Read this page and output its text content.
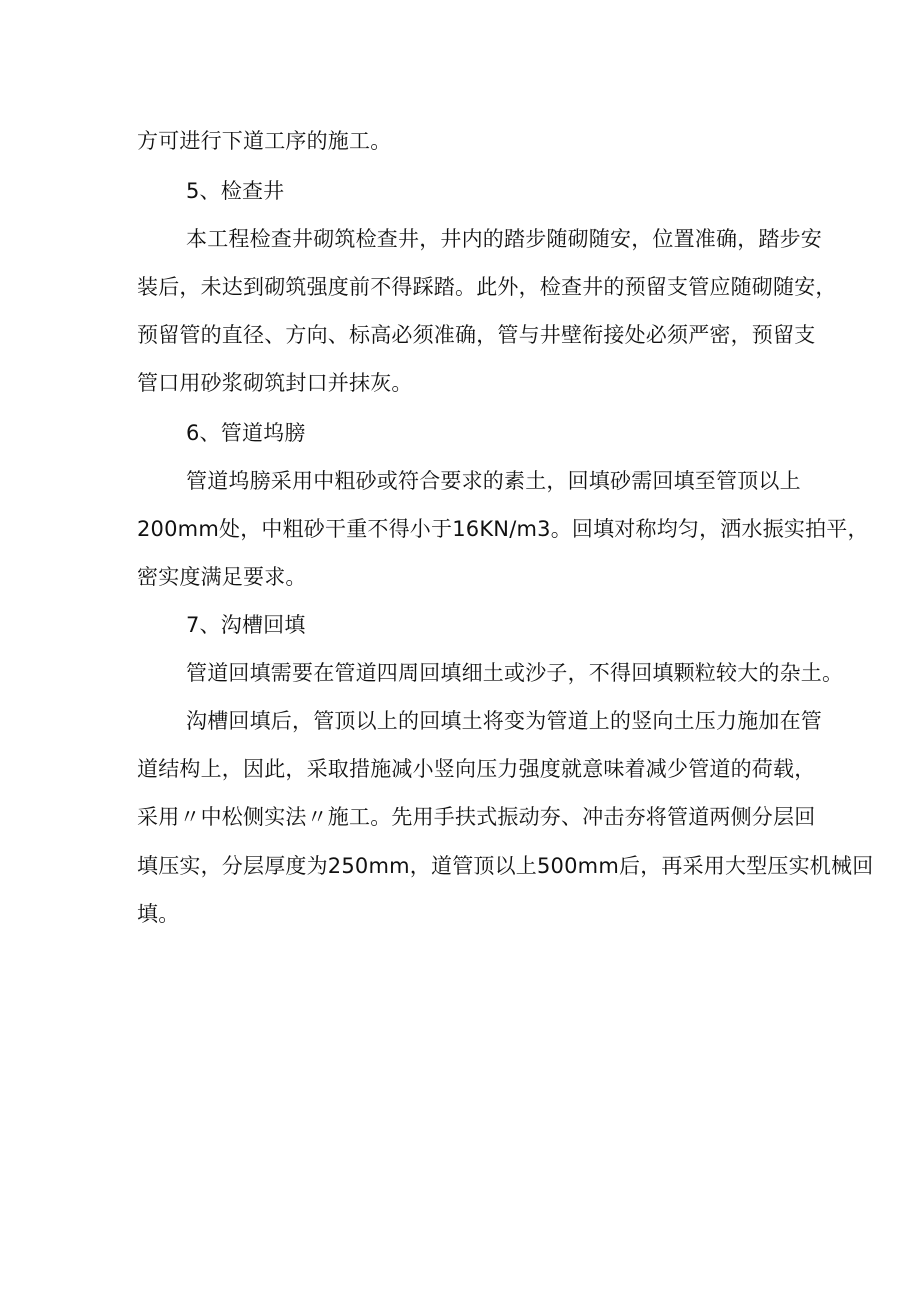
方可进行下道工序的施工。
5、检查井
本工程检查井砌筑检查井，井内的踏步随砌随安，位置准确，踏步安
装后，未达到砌筑强度前不得踩踏。此外，检查井的预留支管应随砌随安，
预留管的直径、方向、标高必须准确，管与井壁衔接处必须严密，预留支
管口用砂浆砌筑封口并抹灰。
6、管道坞膀
管道坞膀采用中粗砂或符合要求的素土，回填砂需回填至管顶以上
200mm处，中粗砂干重不得小于16KN/m3。回填对称均匀，洒水振实拍平，
密实度满足要求。
7、沟槽回填
管道回填需要在管道四周回填细土或沙子，不得回填颗粒较大的杂土。
沟槽回填后，管顶以上的回填土将变为管道上的竖向土压力施加在管
道结构上，因此，采取措施减小竖向压力强度就意味着减少管道的荷载，
采用〃中松侧实法〃施工。先用手扶式振动夯、冲击夯将管道两侧分层回
填压实，分层厚度为250mm，道管顶以上500mm后，再采用大型压实机械回
填。
